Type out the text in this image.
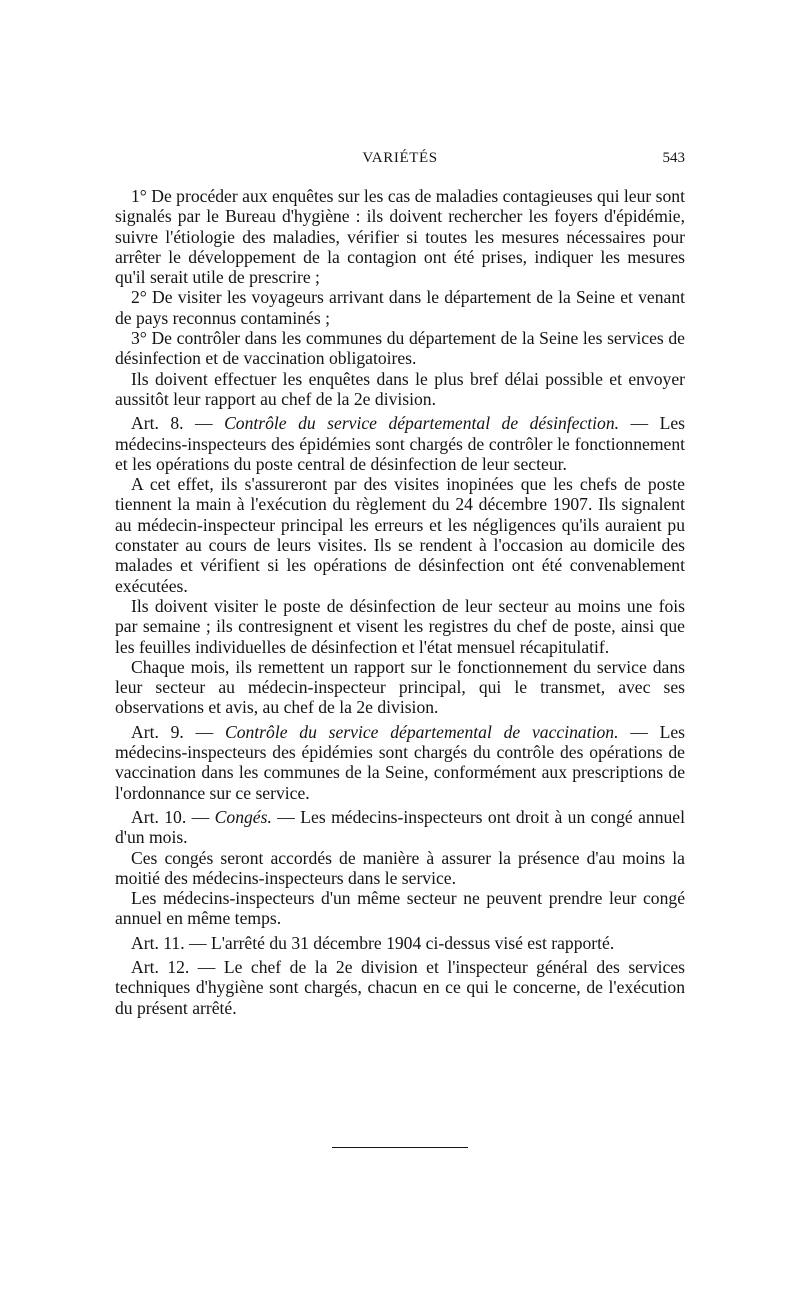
VARIÉTÉS	543

1° De procéder aux enquêtes sur les cas de maladies contagieuses qui leur sont signalés par le Bureau d'hygiène : ils doivent rechercher les foyers d'épidémie, suivre l'étiologie des maladies, vérifier si toutes les mesures nécessaires pour arrêter le développement de la contagion ont été prises, indiquer les mesures qu'il serait utile de prescrire ;

2° De visiter les voyageurs arrivant dans le département de la Seine et venant de pays reconnus contaminés ;

3° De contrôler dans les communes du département de la Seine les services de désinfection et de vaccination obligatoires.

Ils doivent effectuer les enquêtes dans le plus bref délai possible et envoyer aussitôt leur rapport au chef de la 2e division.

Art. 8. — Contrôle du service départemental de désinfection. — Les médecins-inspecteurs des épidémies sont chargés de contrôler le fonctionnement et les opérations du poste central de désinfection de leur secteur.

A cet effet, ils s'assureront par des visites inopinées que les chefs de poste tiennent la main à l'exécution du règlement du 24 décembre 1907. Ils signalent au médecin-inspecteur principal les erreurs et les négligences qu'ils auraient pu constater au cours de leurs visites. Ils se rendent à l'occasion au domicile des malades et vérifient si les opérations de désinfection ont été convenablement exécutées.

Ils doivent visiter le poste de désinfection de leur secteur au moins une fois par semaine ; ils contresignent et visent les registres du chef de poste, ainsi que les feuilles individuelles de désinfection et l'état mensuel récapitulatif.

Chaque mois, ils remettent un rapport sur le fonctionnement du service dans leur secteur au médecin-inspecteur principal, qui le transmet, avec ses observations et avis, au chef de la 2e division.

Art. 9. — Contrôle du service départemental de vaccination. — Les médecins-inspecteurs des épidémies sont chargés du contrôle des opérations de vaccination dans les communes de la Seine, conformément aux prescriptions de l'ordonnance sur ce service.

Art. 10. — Congés. — Les médecins-inspecteurs ont droit à un congé annuel d'un mois.

Ces congés seront accordés de manière à assurer la présence d'au moins la moitié des médecins-inspecteurs dans le service.

Les médecins-inspecteurs d'un même secteur ne peuvent prendre leur congé annuel en même temps.

Art. 11. — L'arrêté du 31 décembre 1904 ci-dessus visé est rapporté.

Art. 12. — Le chef de la 2e division et l'inspecteur général des services techniques d'hygiène sont chargés, chacun en ce qui le concerne, de l'exécution du présent arrêté.
